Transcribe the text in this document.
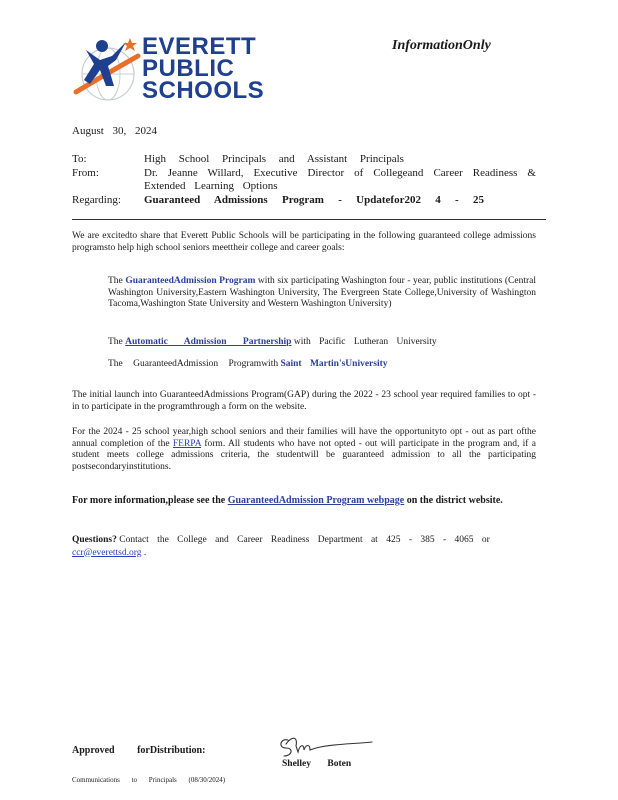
EVERETT
PUBLIC
SCHOOLS
InformationOnly
August 30, 2024
To:	High School Principals and Assistant Principals
From:	Dr. Jeanne Willard, Executive Director of Collegeand Career Readiness &
Extended Learning Options
Regarding: Guaranteed Admissions Program - Updatefor202 4 - 25
We are excitedto share that Everett Public Schools will be participating in the following guaranteed college admissions programsto help high school seniors meettheir college and career goals:
The GuaranteedAdmission Program with six participating Washington four - year, public institutions (Central Washington University,Eastern Washington University, The Evergreen State College,University of Washington Tacoma,Washington State University and Western Washington University)
The Automatic Admission Partnership with Pacific Lutheran University
The GuaranteedAdmission Programwith Saint Martin'sUniversity
The initial launch into GuaranteedAdmissions Program(GAP) during the 2022 - 23 school year required families to opt - in to participate in the programthrough a form on the website.
For the 2024 - 25 school year,high school seniors and their families will have the opportunityto opt - out as part ofthe annual completion of the FERPA form. All students who have not opted - out will participate in the program and, if a student meets college admissions criteria, the studentwill be guaranteed admission to all the participating postsecondaryinstitutions.
For more information,please see the GuaranteedAdmission Program webpage on the district website.
Questions? Contact the College and Career Readiness Department at 425 - 385 - 4065 or
ccr@everettsd.org .
Approved forDistribution:
Shelley Boten
Communications to Principals (08/30/2024)
